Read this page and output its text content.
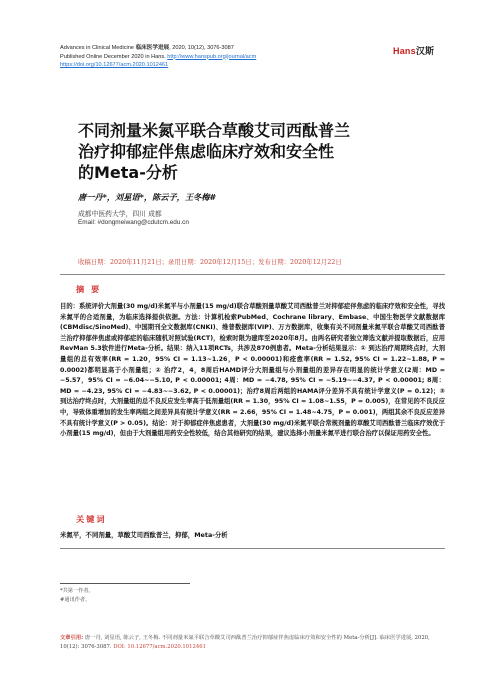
Advances in Clinical Medicine 临床医学进展, 2020, 10(12), 3076-3087
Published Online December 2020 in Hans. http://www.hanspub.org/journal/acm
https://doi.org/10.12677/acm.2020.1012461
Hans汉斯
不同剂量米氮平联合草酸艾司西酞普兰
治疗抑郁症伴焦虑临床疗效和安全性
的Meta-分析
唐一丹*，刘星语*，陈云子，王冬梅#
成都中医药大学，四川 成都
Email: #dongmeiwang@cdutcm.edu.cn
收稿日期：2020年11月21日；录用日期：2020年12月15日；发布日期：2020年12月22日
摘 要
目的：系统评价大剂量(30 mg/d)米氮平与小剂量(15 mg/d)联合草酸剂量草酸艾司西酞普兰对抑郁症伴焦虑的临床疗效和安全性，寻找米氮平的合适剂量，为临床选择提供依据。方法：计算机检索PubMed、Cochrane library、Embase、中国生物医学文献数据库(CBMdisc/SinoMed)、中国期刊全文数据库(CNKI)、维普数据库(VIP)、万方数据库，收集有关不同剂量米氮平联合草酸艾司西酞普兰治疗抑郁伴焦虑或抑郁症的临床随机对照试验(RCT)，检索时限为建库至2020年8月。由两名研究者独立筛选文献并提取数据后，应用RevMan 5.3软件进行Meta-分析。结果：纳入11项RCTs，共涉及870例患者。Meta-分析结果显示：① 到达治疗周期终点时，大剂量组的总有效率(RR = 1.20，95% CI = 1.13~1.26，P < 0.00001)和痊愈率(RR = 1.52, 95% CI = 1.22~1.88, P = 0.0002)都明显高于小剂量组；② 治疗2，4，8周后HAMD评分大剂量组与小剂量组的差异存在明显的统计学意义(2周：MD = −5.57，95% CI = −6.04~−5.10, P < 0.00001; 4周：MD = −4.78, 95% CI = −5.19~−4.37, P < 0.00001; 8周：MD = −4.23, 95% CI = −4.83~−3.62, P < 0.00001)；治疗8周后两组的HAMA评分差异不具有统计学意义(P = 0.12)；③ 到达治疗终点时，大剂量组的总不良反应发生率高于低剂量组(RR = 1.30，95% CI = 1.08~1.55，P = 0.005)，在常见的不良反应中，导致体重增加的发生率两组之间差异具有统计学意义(RR = 2.66，95% CI = 1.48~4.75，P = 0.001)，两组其余不良反应差异不具有统计学意义(P > 0.05)。结论：对于抑郁症伴焦虑患者，大剂量(30 mg/d)米氮平联合常规剂量的草酸艾司西酞普兰临床疗效优于小剂量(15 mg/d)，但由于大剂量组用药安全性较低，结合其他研究的结果，建议选择小剂量米氮平进行联合治疗以保证用药安全性。
关键词
米氮平，不同剂量，草酸艾司西酞普兰，抑郁，Meta-分析
*共第一作者。
#通讯作者。
文章引用: 唐一丹, 刘星语, 陈云子, 王冬梅. 不同剂量米氮平联合草酸艾司西酞普兰治疗抑郁症伴焦虑临床疗效和安全性的 Meta-分析[J]. 临床医学进展, 2020, 10(12): 3076-3087. DOI: 10.12677/acm.2020.1012461
